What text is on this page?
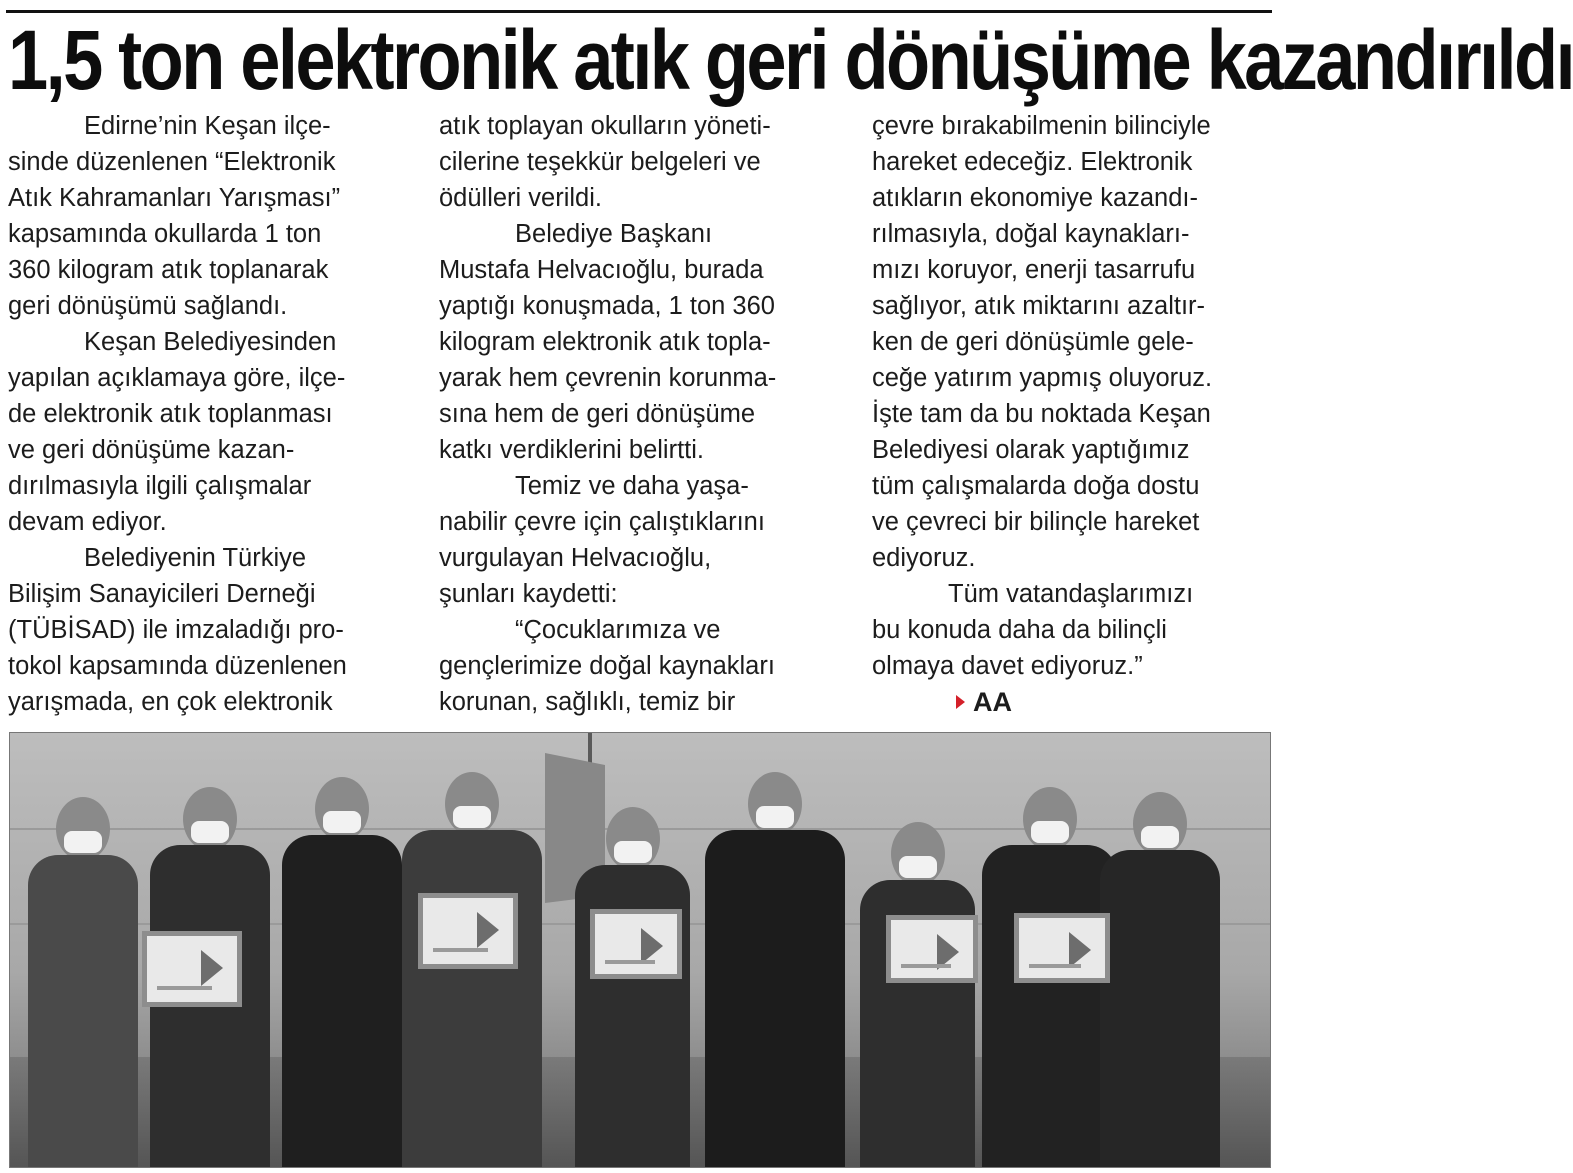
1,5 ton elektronik atık geri dönüşüme kazandırıldı

Edirne’nin Keşan ilçe-

sinde düzenlenen “Elektronik

Atık Kahramanları Yarışması”

kapsamında okullarda 1 ton

360 kilogram atık toplanarak

geri dönüşümü sağlandı.

Keşan Belediyesinden

yapılan açıklamaya göre, ilçe-

de elektronik atık toplanması

ve geri dönüşüme kazan-

dırılmasıyla ilgili çalışmalar

devam ediyor.

Belediyenin Türkiye

Bilişim Sanayicileri Derneği

(TÜBİSAD) ile imzaladığı pro-

tokol kapsamında düzenlenen

yarışmada, en çok elektronik

atık toplayan okulların yöneti-

cilerine teşekkür belgeleri ve

ödülleri verildi.

Belediye Başkanı

Mustafa Helvacıoğlu, burada

yaptığı konuşmada, 1 ton 360

kilogram elektronik atık topla-

yarak hem çevrenin korunma-

sına hem de geri dönüşüme

katkı verdiklerini belirtti.

Temiz ve daha yaşa-

nabilir çevre için çalıştıklarını

vurgulayan Helvacıoğlu,

şunları kaydetti:

“Çocuklarımıza ve

gençlerimize doğal kaynakları

korunan, sağlıklı, temiz bir

çevre bırakabilmenin bilinciyle

hareket edeceğiz. Elektronik

atıkların ekonomiye kazandı-

rılmasıyla, doğal kaynakları-

mızı koruyor, enerji tasarrufu

sağlıyor, atık miktarını azaltır-

ken de geri dönüşümle gele-

ceğe yatırım yapmış oluyoruz.

İşte tam da bu noktada Keşan

Belediyesi olarak yaptığımız

tüm çalışmalarda doğa dostu

ve çevreci bir bilinçle hareket

ediyoruz.

Tüm vatandaşlarımızı

bu konuda daha da bilinçli

olmaya davet ediyoruz.”

AA
